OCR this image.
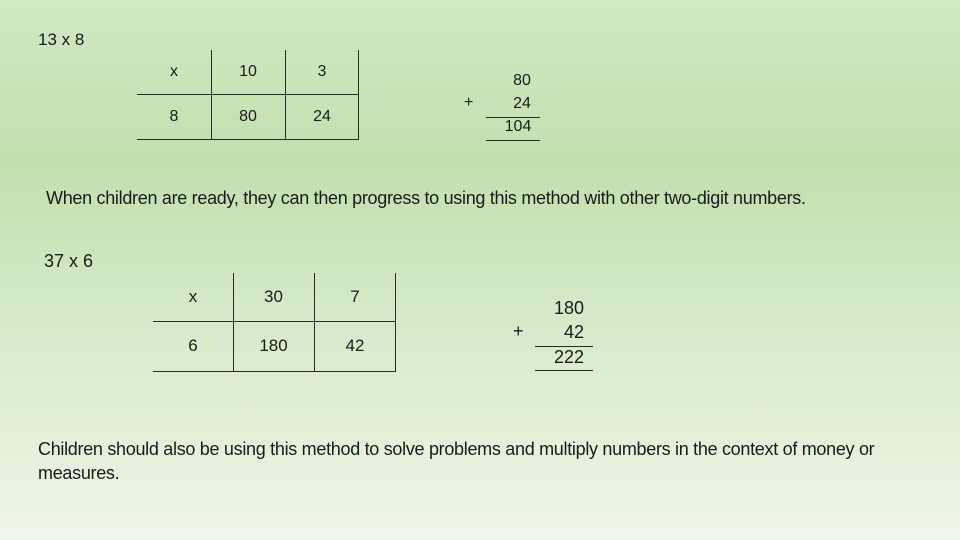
13 x 8
x	10	3
8	80	24
+
80
24
104
When children are ready, they can then progress to using this method with other two-digit numbers.
37 x 6
x	30	7
6	180	42
+
180
42
222
Children should also be using this method to solve problems and multiply numbers in the context of money or measures.
